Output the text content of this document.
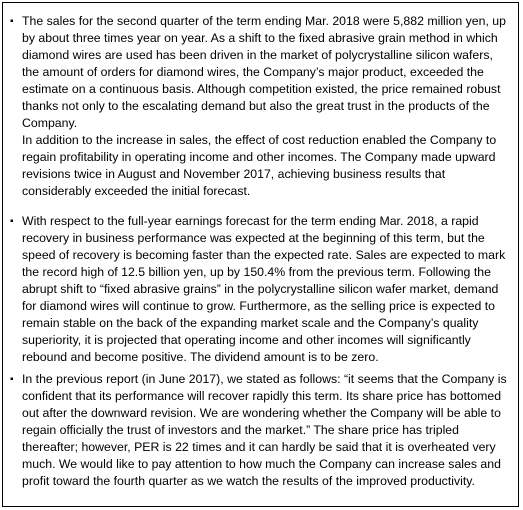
▪ The sales for the second quarter of the term ending Mar. 2018 were 5,882 million yen, up by about three times year on year. As a shift to the fixed abrasive grain method in which diamond wires are used has been driven in the market of polycrystalline silicon wafers, the amount of orders for diamond wires, the Company’s major product, exceeded the estimate on a continuous basis. Although competition existed, the price remained robust thanks not only to the escalating demand but also the great trust in the products of the Company.

In addition to the increase in sales, the effect of cost reduction enabled the Company to regain profitability in operating income and other incomes. The Company made upward revisions twice in August and November 2017, achieving business results that considerably exceeded the initial forecast.

▪ With respect to the full-year earnings forecast for the term ending Mar. 2018, a rapid recovery in business performance was expected at the beginning of this term, but the speed of recovery is becoming faster than the expected rate. Sales are expected to mark the record high of 12.5 billion yen, up by 150.4% from the previous term. Following the abrupt shift to “fixed abrasive grains” in the polycrystalline silicon wafer market, demand for diamond wires will continue to grow. Furthermore, as the selling price is expected to remain stable on the back of the expanding market scale and the Company’s quality superiority, it is projected that operating income and other incomes will significantly rebound and become positive. The dividend amount is to be zero.

▪ In the previous report (in June 2017), we stated as follows: “it seems that the Company is confident that its performance will recover rapidly this term. Its share price has bottomed out after the downward revision. We are wondering whether the Company will be able to regain officially the trust of investors and the market.” The share price has tripled thereafter; however, PER is 22 times and it can hardly be said that it is overheated very much. We would like to pay attention to how much the Company can increase sales and profit toward the fourth quarter as we watch the results of the improved productivity.
